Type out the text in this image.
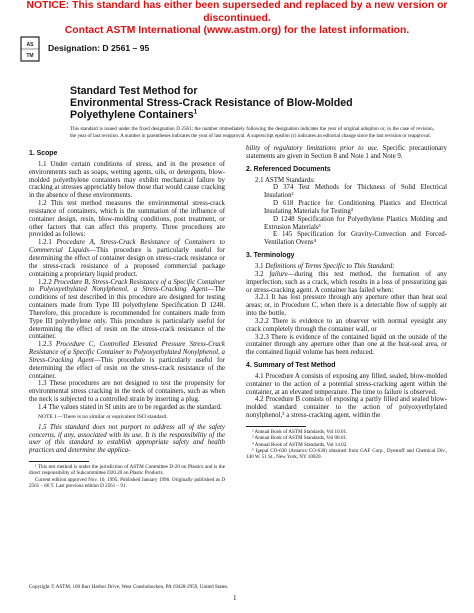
NOTICE: This standard has either been superseded and replaced by a new version or discontinued.
Contact ASTM International (www.astm.org) for the latest information.
AS
TM
Designation: D 2561 – 95
Standard Test Method for
Environmental Stress-Crack Resistance of Blow-Molded
Polyethylene Containers$^1$
This standard is issued under the fixed designation D 2561; the number immediately following the designation indicates the year of original adoption or, in the case of revision, the year of last revision. A number in parentheses indicates the year of last reapproval. A superscript epsilon (ε) indicates an editorial change since the last revision or reapproval.
1. Scope

1.1 Under certain conditions of stress, and in the presence of environments such as soaps, wetting agents, oils, or detergents, blow-molded polyethylene containers may exhibit mechanical failure by cracking at stresses appreciably below those that would cause cracking in the absence of these environments.

1.2 This test method measures the environmental stress-crack resistance of containers, which is the summation of the influence of container design, resin, blow-molding conditions, post treatment, or other factors that can affect this property. Three procedures are provided as follows:

1.2.1 Procedure A, Stress-Crack Resistance of Containers to Commercial Liquids—This procedure is particularly useful for determining the effect of container design on stress-crack resistance or the stress-crack resistance of a proposed commercial package containing a proprietary liquid product.

1.2.2 Procedure B, Stress-Crack Resistance of a Specific Container to Polyoxyethylated Nonylphenol, a Stress-Cracking Agent—The conditions of test described in this procedure are designed for testing containers made from Type III polyethylene Specification D 1248. Therefore, this procedure is recommended for containers made from Type III polyethylene only. This procedure is particularly useful for determining the effect of resin on the stress-crack resistance of the container.

1.2.3 Procedure C, Controlled Elevated Pressure Stress-Crack Resistance of a Specific Container to Polyoxyethylated Nonylphenol, a Stress-Cracking Agent—This procedure is particularly useful for determining the effect of resin on the stress-crack resistance of the container.

1.3 These procedures are not designed to test the propensity for environmental stress cracking in the neck of containers, such as when the neck is subjected to a controlled strain by inserting a plug.

1.4 The values stated in SI units are to be regarded as the standard.

NOTE 1—There is no similar or equivalent ISO standard.

1.5 This standard does not purport to address all of the safety concerns, if any, associated with its use. It is the responsibility of the user of this standard to establish appropriate safety and health practices and determine the applica-

¹ This test method is under the jurisdiction of ASTM Committee D-20 on Plastics and is the direct responsibility of Subcommittee D20.20 on Plastic Products.

Current edition approved Nov. 10, 1995. Published January 1996. Originally published as D 2561 – 66 T. Last previous edition D 2561 – 91.

bility of regulatory limitations prior to use. Specific precautionary statements are given in Section 8 and Note 1 and Note 9.

2. Referenced Documents

2.1 ASTM Standards:

D 374 Test Methods for Thickness of Solid Electrical Insulation²

D 618 Practice for Conditioning Plastics and Electrical Insulating Materials for Testing³

D 1248 Specification for Polyethylene Plastics Molding and Extrusion Materials³

E 145 Specification for Gravity-Convection and Forced-Ventilation Ovens⁴

3. Terminology

3.1 Definitions of Terms Specific to This Standard:

3.2 failure—during this test method, the formation of any imperfection, such as a crack, which results in a loss of pressurizing gas or stress-cracking agent. A container has failed when:

3.2.1 It has lost pressure through any aperture other than heat seal areas; or, in Procedure C, when there is a detectable flow of supply air into the bottle,

3.2.2 There is evidence to an observer with normal eyesight any crack completely through the container wall, or

3.2.3 There is evidence of the contained liquid on the outside of the container through any aperture other than one at the heat-seal area, or the contained liquid volume has been reduced.

4. Summary of Test Method

4.1 Procedure A consists of exposing any filled, sealed, blow-molded container to the action of a potential stress-cracking agent within the container, at an elevated temperature. The time to failure is observed.

4.2 Procedure B consists of exposing a partly filled and sealed blow-molded standard container to the action of polyoxyethylated nonylphenol,⁵ a stress-cracking agent, within the

² Annual Book of ASTM Standards, Vol 10.01.

³ Annual Book of ASTM Standards, Vol 08.01.

⁴ Annual Book of ASTM Standards, Vol 14.02.

⁵ Igepal CO-630 (Antarox CO-630) obtained from GAF Corp., Dyestuff and Chemical Div., 140 W. 51 St., New York, NY 10020.

Copyright © ASTM, 100 Barr Harbor Drive, West Conshohocken, PA 19428-2959, United States.
1
